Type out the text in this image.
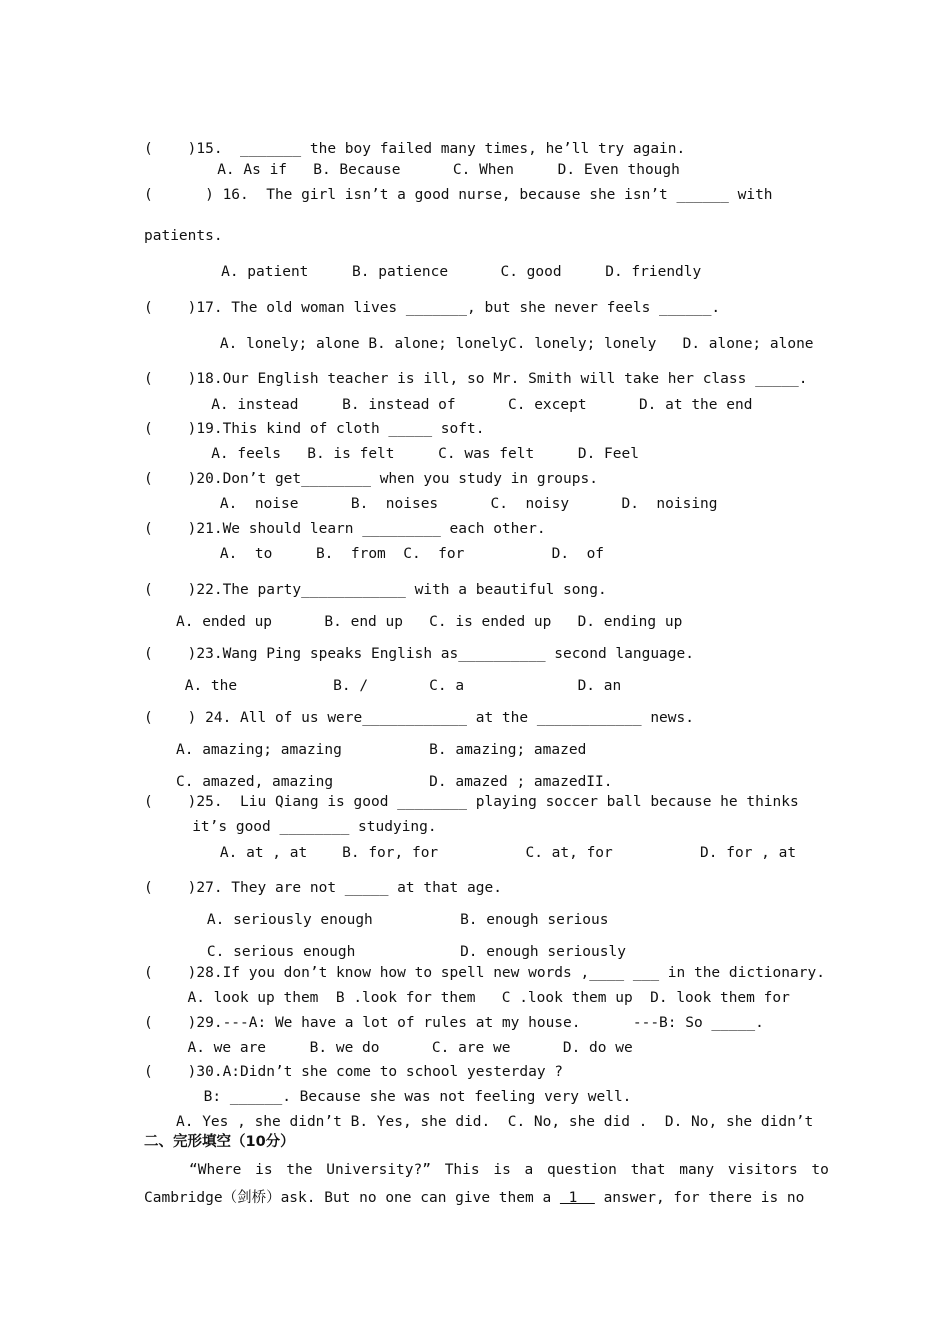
(    )15.  _______ the boy failed many times, he’ll try again.
A. As if   B. Because      C. When     D. Even though
(      ) 16.  The girl isn’t a good nurse, because she isn’t ______ with
patients.
A. patient     B. patience      C. good     D. friendly
(    )17. The old woman lives _______, but she never feels ______.
A. lonely; alone B. alone; lonelyC. lonely; lonely   D. alone; alone
(    )18.Our English teacher is ill, so Mr. Smith will take her class _____.
A. instead     B. instead of      C. except      D. at the end
(    )19.This kind of cloth _____ soft.
A. feels   B. is felt     C. was felt     D. Feel
(    )20.Don’t get________ when you study in groups.
A.  noise      B.  noises      C.  noisy      D.  noising
(    )21.We should learn _________ each other.
A.  to     B.  from  C.  for          D.  of
(    )22.The party____________ with a beautiful song.
A. ended up      B. end up   C. is ended up   D. ending up
(    )23.Wang Ping speaks English as__________ second language.
A. the           B. /       C. a             D. an
(    ) 24. All of us were____________ at the ____________ news.
A. amazing; amazing          B. amazing; amazed
C. amazed, amazing           D. amazed ; amazedII.
(    )25.  Liu Qiang is good ________ playing soccer ball because he thinks
it’s good ________ studying.
A. at , at    B. for, for          C. at, for          D. for , at
(    )27. They are not _____ at that age.
A. seriously enough          B. enough serious
C. serious enough            D. enough seriously
(    )28.If you don’t know how to spell new words ,____ ___ in the dictionary.
A. look up them  B .look for them   C .look them up  D. look them for
(    )29.---A: We have a lot of rules at my house.      ---B: So _____.
A. we are     B. we do      C. are we      D. do we
(    )30.A:Didn’t she come to school yesterday ?
B: ______. Because she was not feeling very well.
A. Yes , she didn’t B. Yes, she did.  C. No, she did .  D. No, she didn’t
二、完形填空（10分）
“Where is the University?” This is a question that many visitors to
Cambridge（剑桥）ask. But no one can give them a  1   answer, for there is no
